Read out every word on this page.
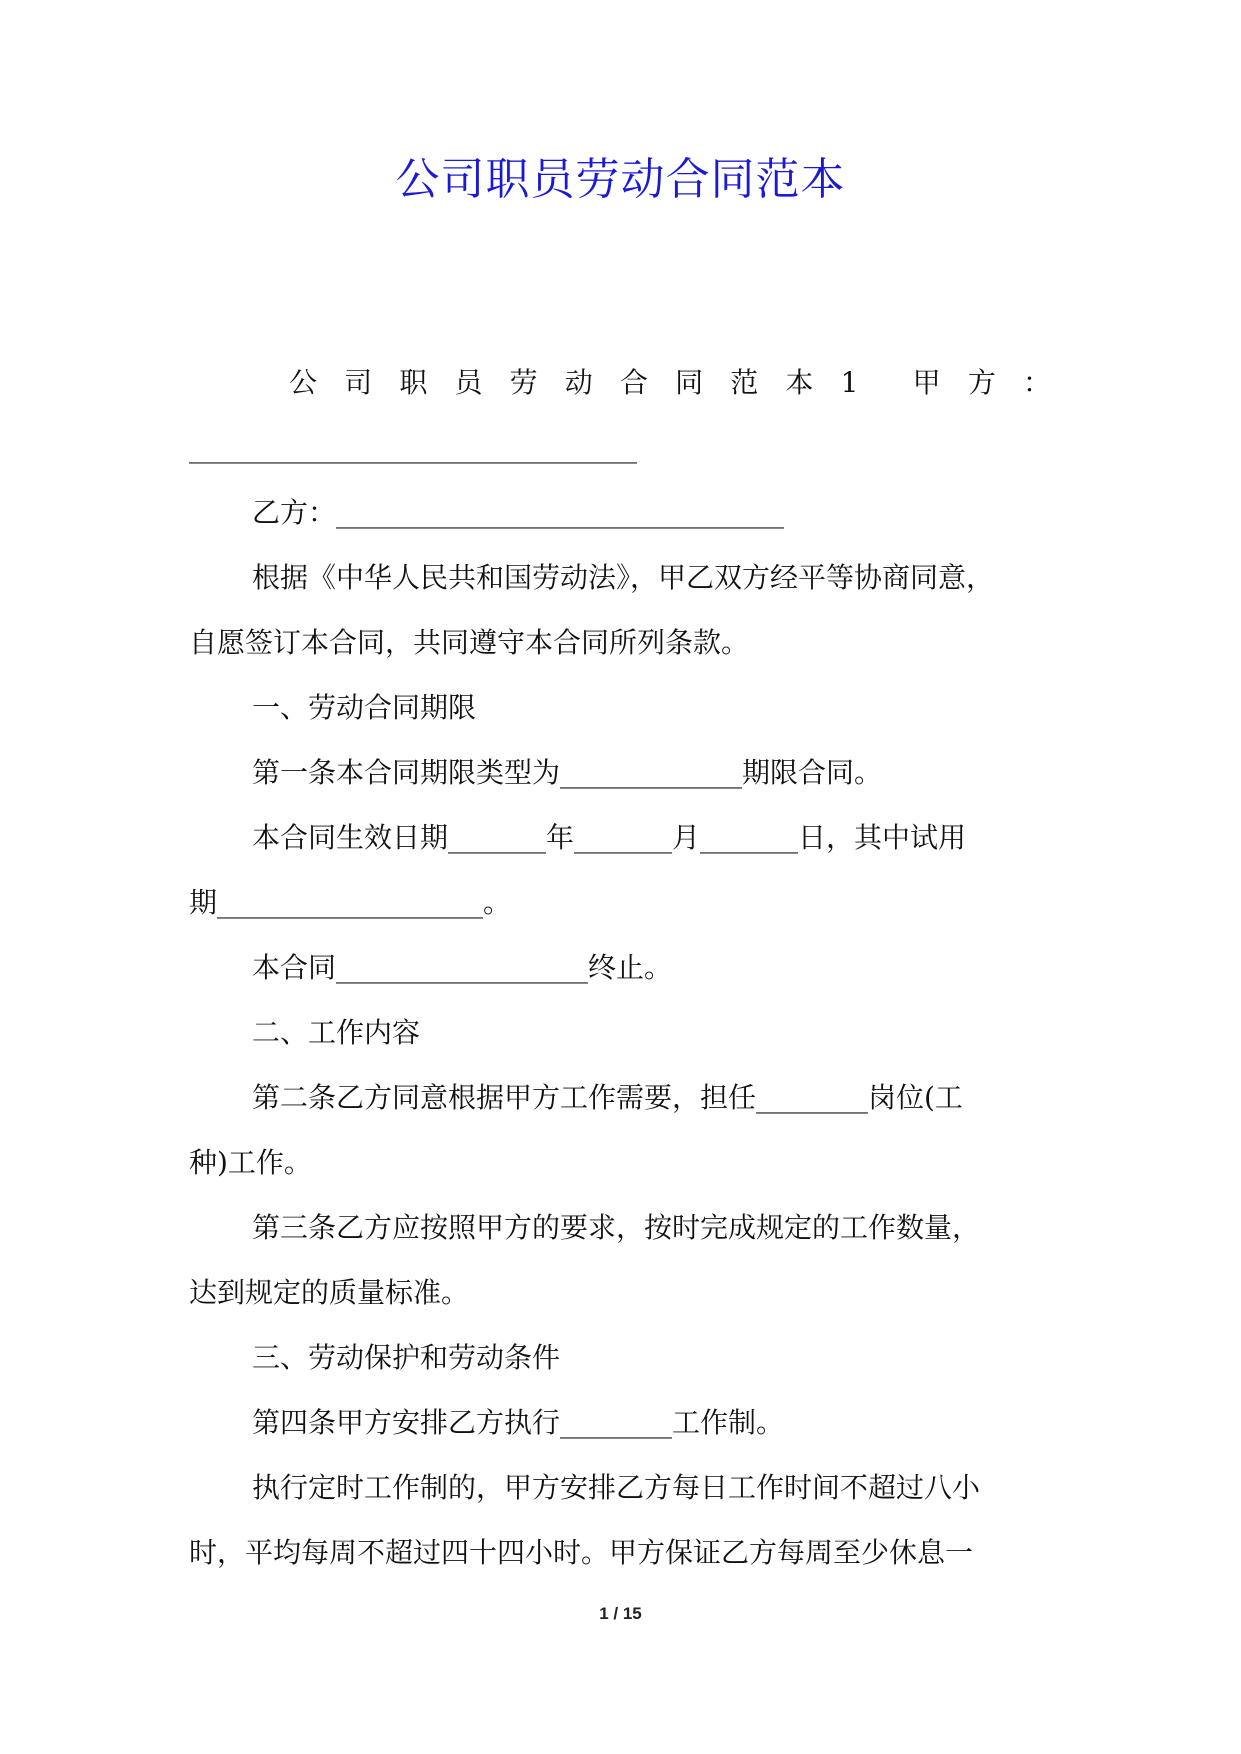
公司职员劳动合同范本
公 司 职 员 劳 动 合 同 范 本 1 甲 方 ：
________________________________
乙方：________________________________
根据《中华人民共和国劳动法》，甲乙双方经平等协商同意，
自愿签订本合同，共同遵守本合同所列条款。
一、劳动合同期限
第一条本合同期限类型为_____________期限合同。
本合同生效日期_______年_______月_______日，其中试用
期___________________。
本合同__________________终止。
二、工作内容
第二条乙方同意根据甲方工作需要，担任________岗位(工
种)工作。
第三条乙方应按照甲方的要求，按时完成规定的工作数量，
达到规定的质量标准。
三、劳动保护和劳动条件
第四条甲方安排乙方执行________工作制。
执行定时工作制的，甲方安排乙方每日工作时间不超过八小
时，平均每周不超过四十四小时。甲方保证乙方每周至少休息一
1 / 15
